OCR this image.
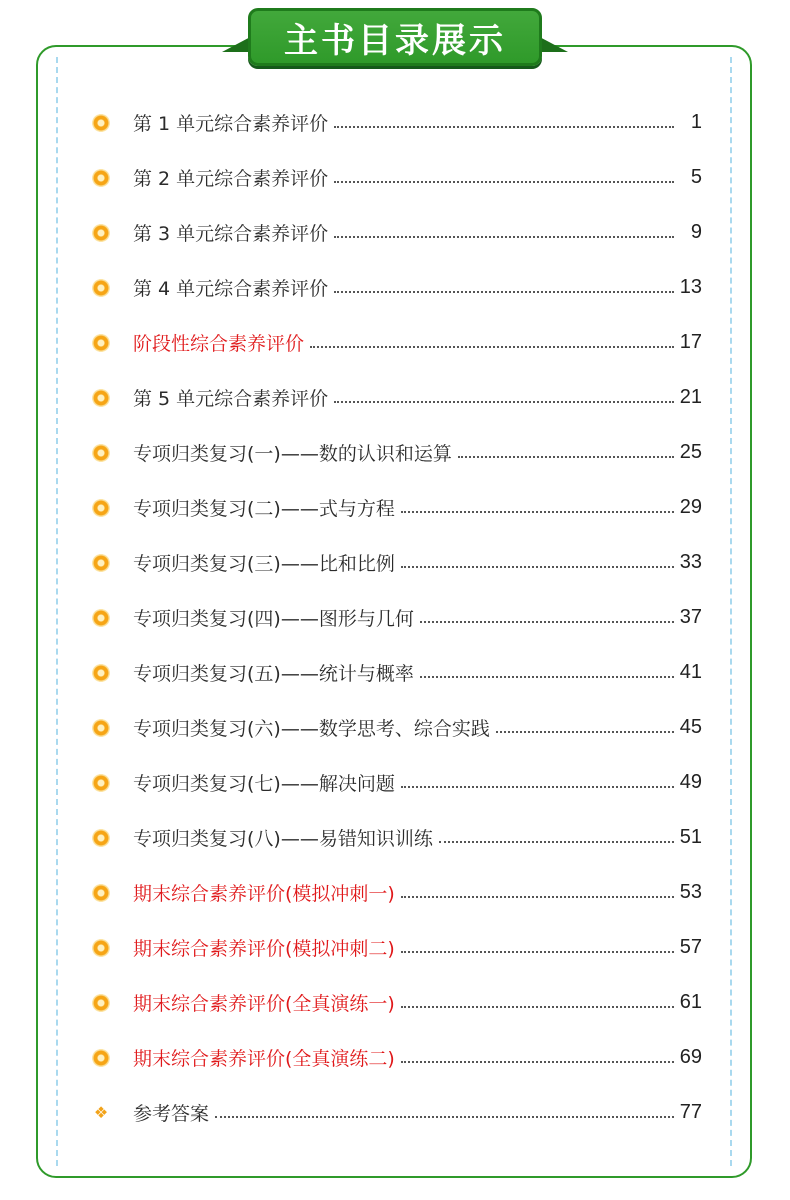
主书目录展示
第 1 单元综合素养评价	1
第 2 单元综合素养评价	5
第 3 单元综合素养评价	9
第 4 单元综合素养评价	13
阶段性综合素养评价	17
第 5 单元综合素养评价	21
专项归类复习(一)——数的认识和运算	25
专项归类复习(二)——式与方程	29
专项归类复习(三)——比和比例	33
专项归类复习(四)——图形与几何	37
专项归类复习(五)——统计与概率	41
专项归类复习(六)——数学思考、综合实践	45
专项归类复习(七)——解决问题	49
专项归类复习(八)——易错知识训练	51
期末综合素养评价(模拟冲刺一)	53
期末综合素养评价(模拟冲刺二)	57
期末综合素养评价(全真演练一)	61
期末综合素养评价(全真演练二)	69
❖ 参考答案	77
